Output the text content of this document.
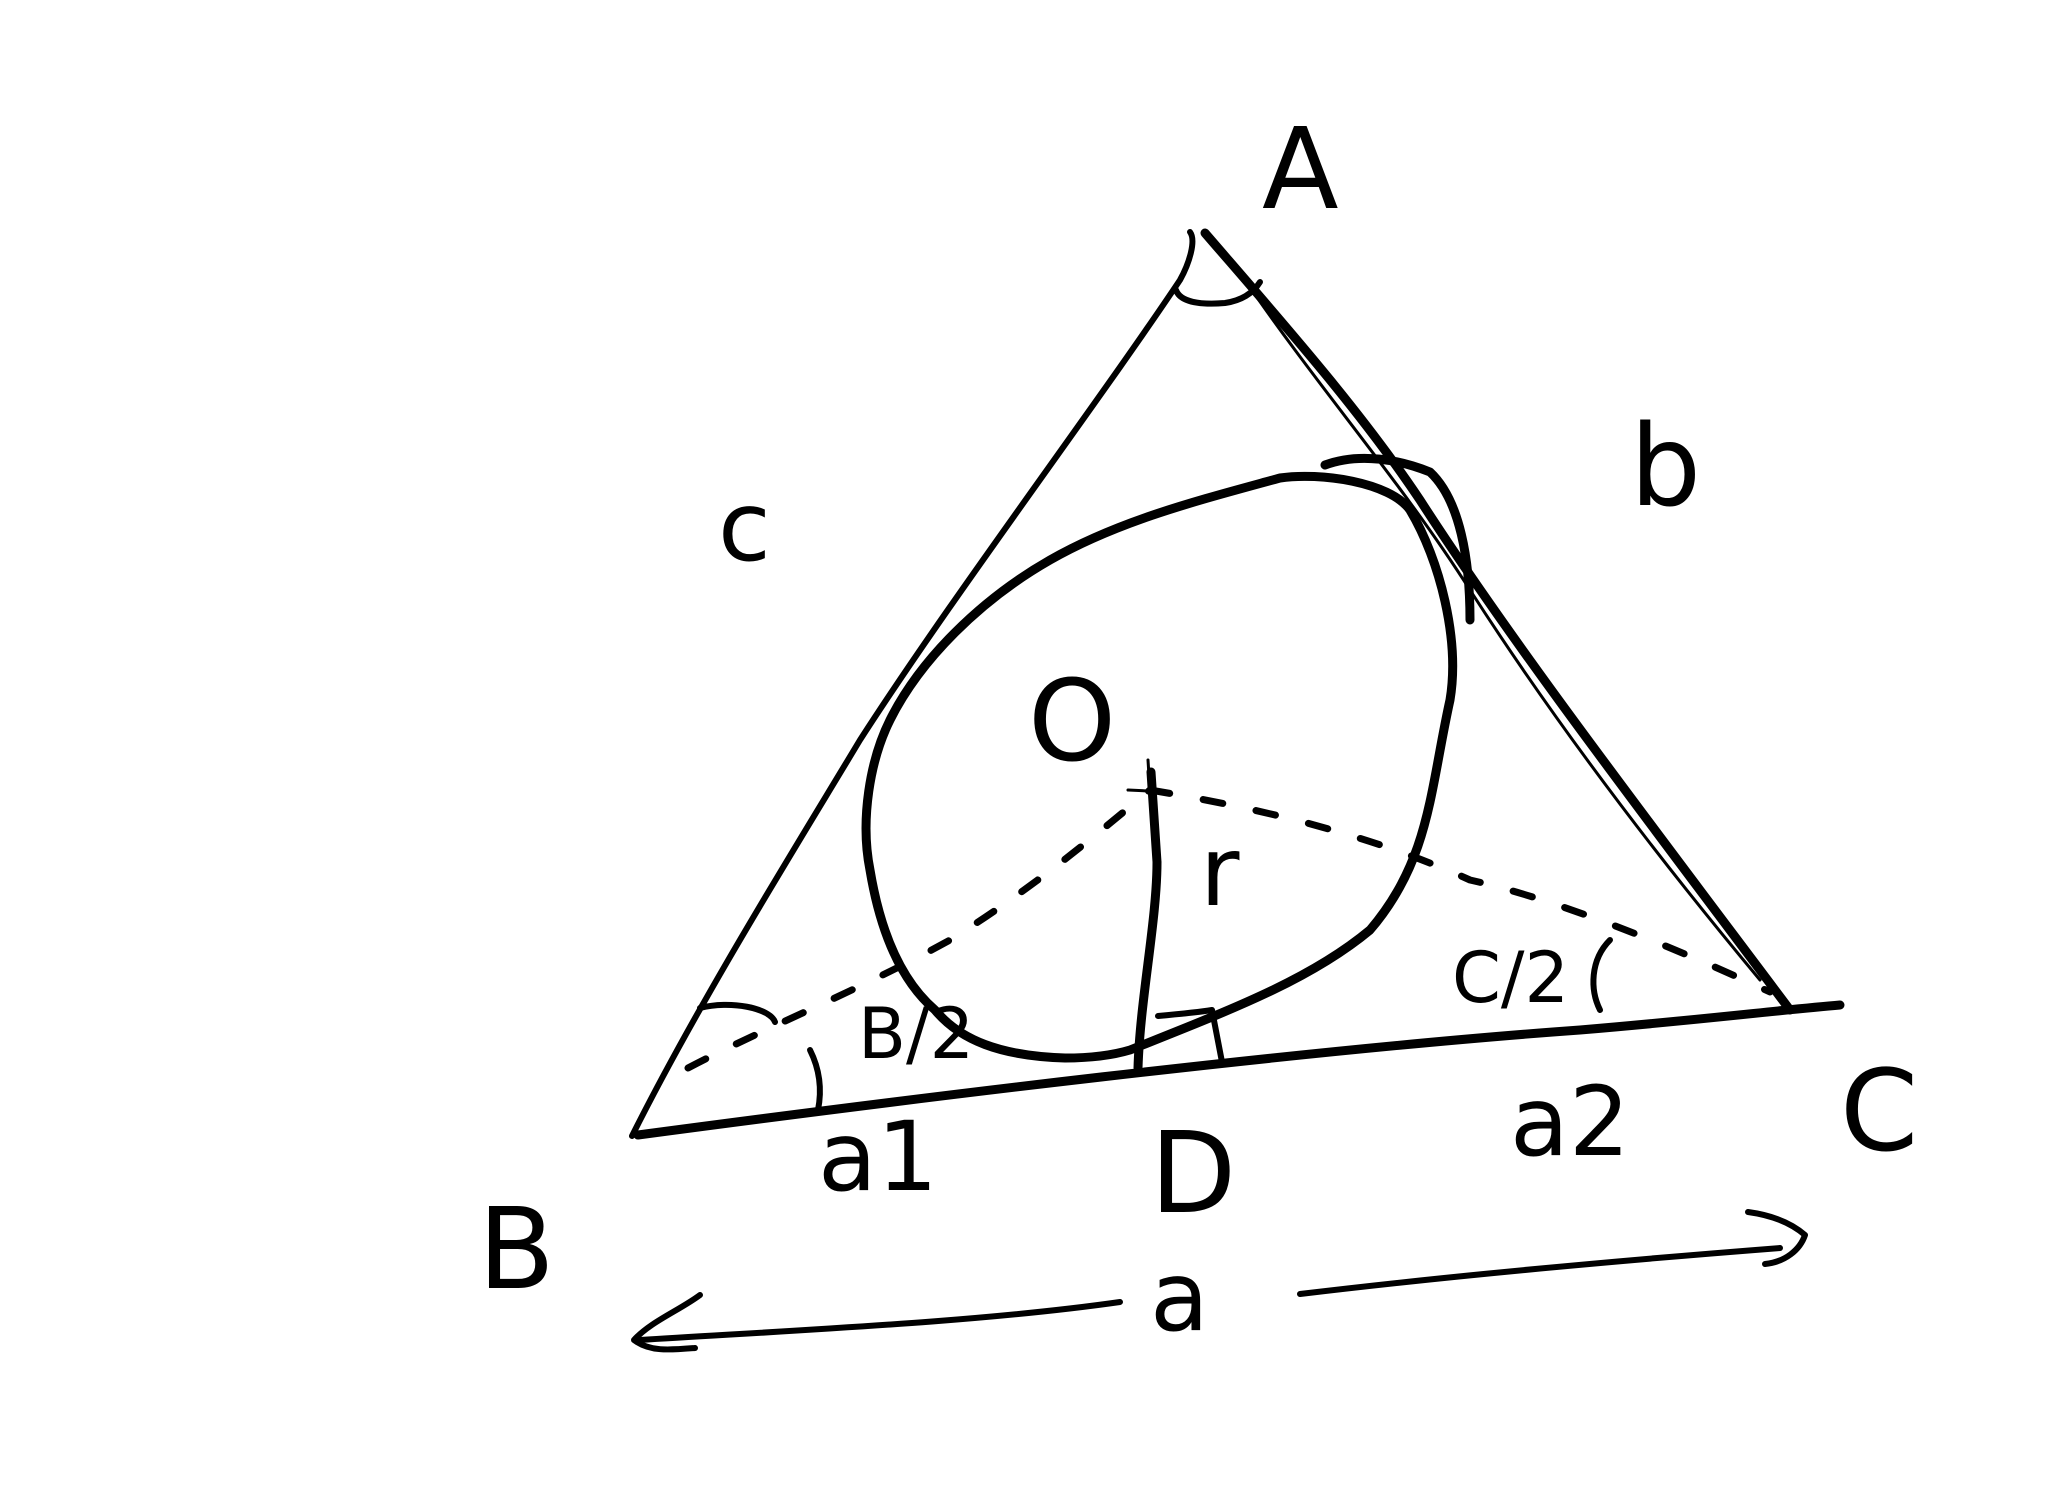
A
B
C
c	b
a
O
r
D
a1	a2
B/2
C/2
